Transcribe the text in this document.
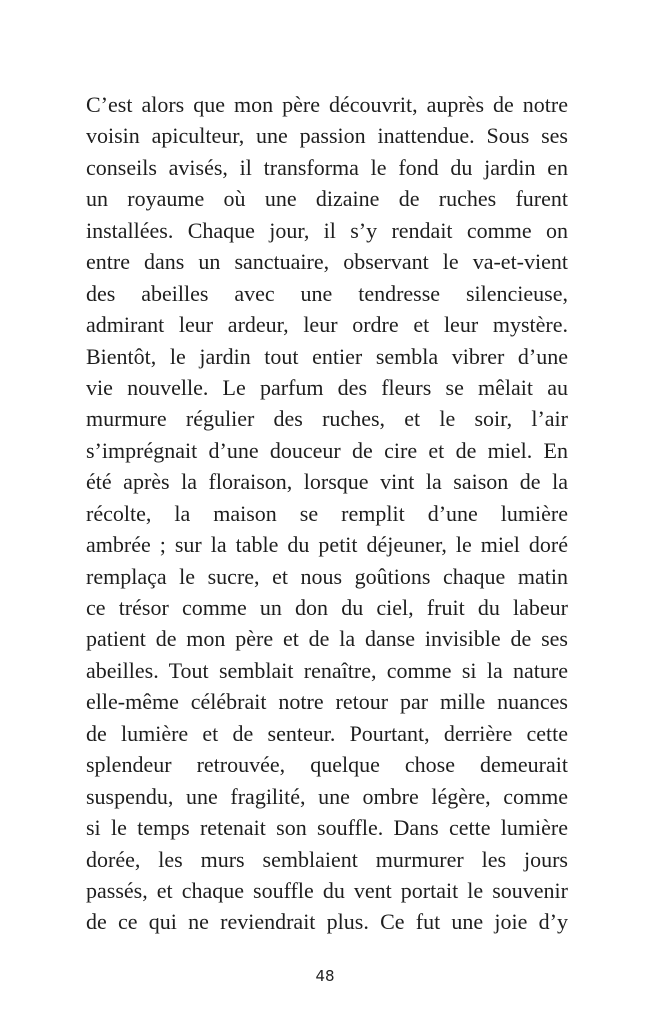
C’est alors que mon père découvrit, auprès de notre
voisin apiculteur, une passion inattendue. Sous ses
conseils avisés, il transforma le fond du jardin en
un royaume où une dizaine de ruches furent
installées. Chaque jour, il s’y rendait comme on
entre dans un sanctuaire, observant le va-et-vient
des abeilles avec une tendresse silencieuse,
admirant leur ardeur, leur ordre et leur mystère.
Bientôt, le jardin tout entier sembla vibrer d’une
vie nouvelle. Le parfum des fleurs se mêlait au
murmure régulier des ruches, et le soir, l’air
s’imprégnait d’une douceur de cire et de miel. En
été après la floraison, lorsque vint la saison de la
récolte, la maison se remplit d’une lumière
ambrée ; sur la table du petit déjeuner, le miel doré
remplaça le sucre, et nous goûtions chaque matin
ce trésor comme un don du ciel, fruit du labeur
patient de mon père et de la danse invisible de ses
abeilles. Tout semblait renaître, comme si la nature
elle-même célébrait notre retour par mille nuances
de lumière et de senteur. Pourtant, derrière cette
splendeur retrouvée, quelque chose demeurait
suspendu, une fragilité, une ombre légère, comme
si le temps retenait son souffle. Dans cette lumière
dorée, les murs semblaient murmurer les jours
passés, et chaque souffle du vent portait le souvenir
de ce qui ne reviendrait plus. Ce fut une joie d’y
48
